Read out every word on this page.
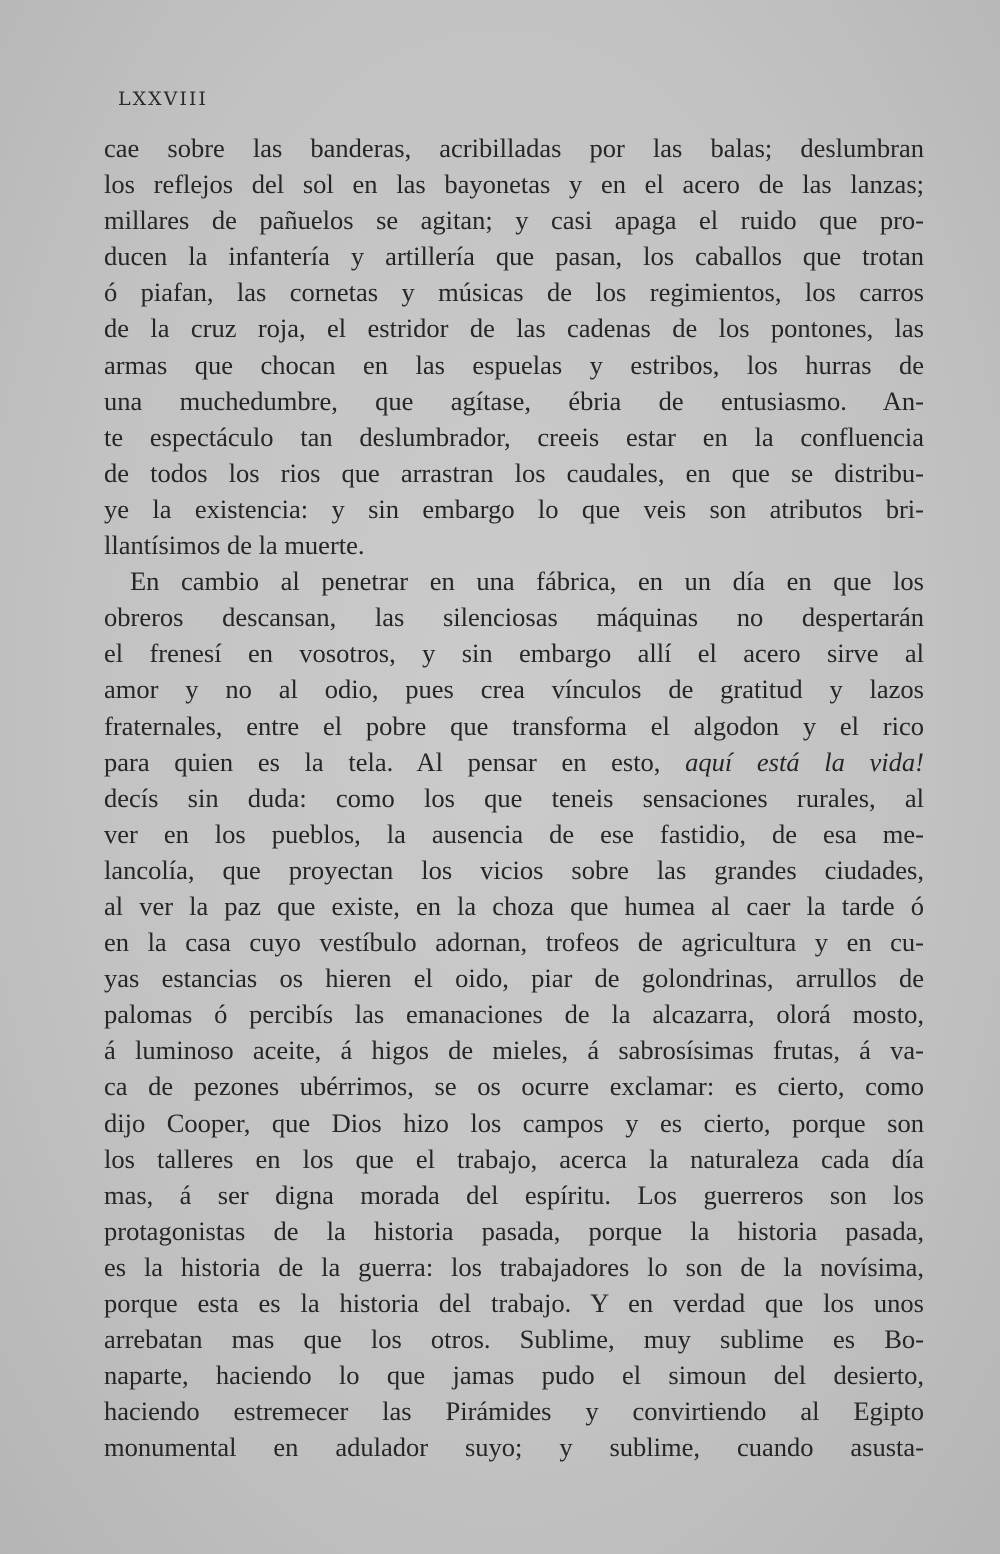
LXXVIII
cae sobre las banderas, acribilladas por las balas; deslumbran
los reflejos del sol en las bayonetas y en el acero de las lanzas;
millares de pañuelos se agitan; y casi apaga el ruido que pro-
ducen la infantería y artillería que pasan, los caballos que trotan
ó piafan, las cornetas y músicas de los regimientos, los carros
de la cruz roja, el estridor de las cadenas de los pontones, las
armas que chocan en las espuelas y estribos, los hurras de
una muchedumbre, que agítase, ébria de entusiasmo. An-
te espectáculo tan deslumbrador, creeis estar en la confluencia
de todos los rios que arrastran los caudales, en que se distribu-
ye la existencia: y sin embargo lo que veis son atributos bri-
llantísimos de la muerte.
En cambio al penetrar en una fábrica, en un día en que los
obreros descansan, las silenciosas máquinas no despertarán
el frenesí en vosotros, y sin embargo allí el acero sirve al
amor y no al odio, pues crea vínculos de gratitud y lazos
fraternales, entre el pobre que transforma el algodon y el rico
para quien es la tela. Al pensar en esto, aquí está la vida!
decís sin duda: como los que teneis sensaciones rurales, al
ver en los pueblos, la ausencia de ese fastidio, de esa me-
lancolía, que proyectan los vicios sobre las grandes ciudades,
al ver la paz que existe, en la choza que humea al caer la tarde ó
en la casa cuyo vestíbulo adornan, trofeos de agricultura y en cu-
yas estancias os hieren el oido, piar de golondrinas, arrullos de
palomas ó percibís las emanaciones de la alcazarra, olorá mosto,
á luminoso aceite, á higos de mieles, á sabrosísimas frutas, á va-
ca de pezones ubérrimos, se os ocurre exclamar: es cierto, como
dijo Cooper, que Dios hizo los campos y es cierto, porque son
los talleres en los que el trabajo, acerca la naturaleza cada día
mas, á ser digna morada del espíritu. Los guerreros son los
protagonistas de la historia pasada, porque la historia pasada,
es la historia de la guerra: los trabajadores lo son de la novísima,
porque esta es la historia del trabajo. Y en verdad que los unos
arrebatan mas que los otros. Sublime, muy sublime es Bo-
naparte, haciendo lo que jamas pudo el simoun del desierto,
haciendo estremecer las Pirámides y convirtiendo al Egipto
monumental en adulador suyo; y sublime, cuando asusta-
